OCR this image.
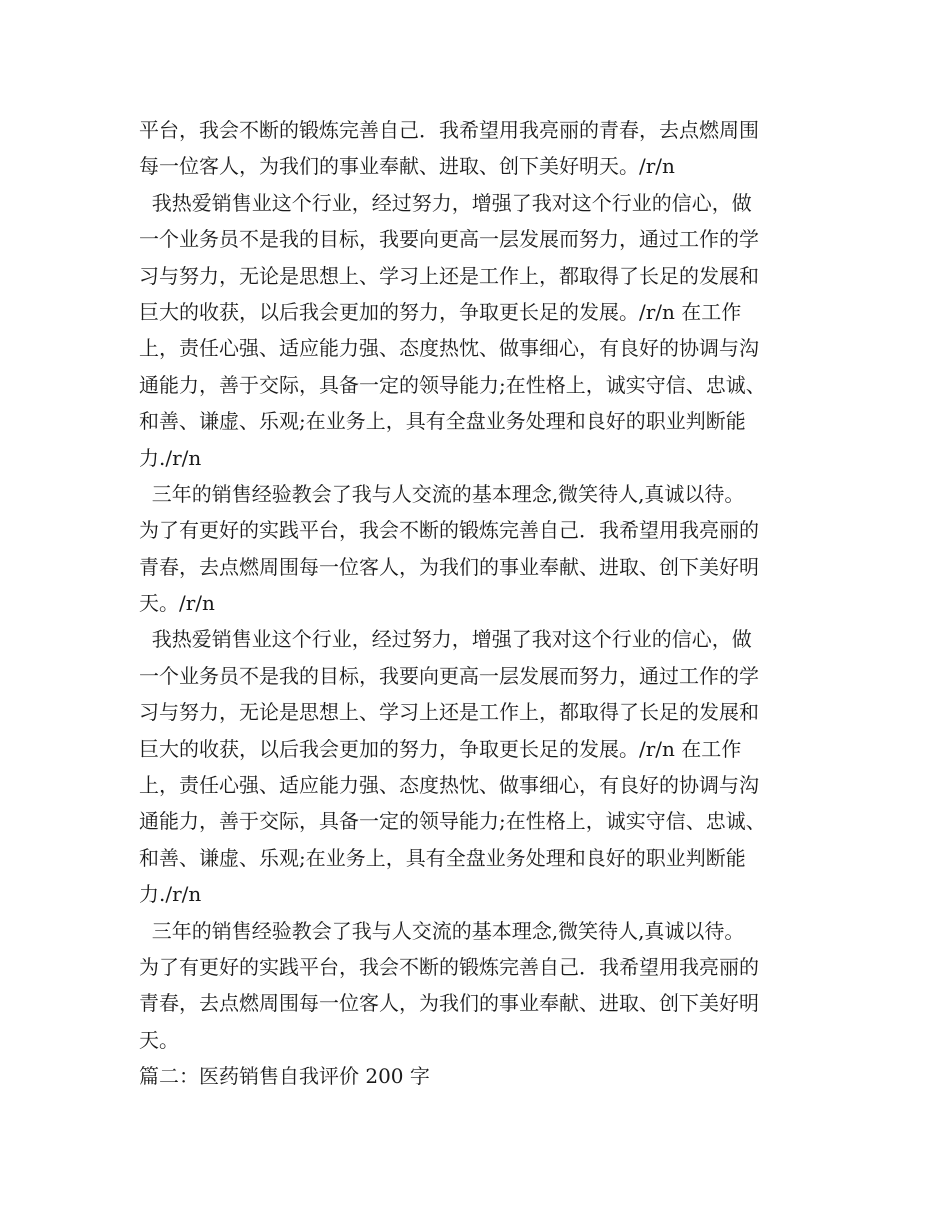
平台，我会不断的锻炼完善自己．我希望用我亮丽的青春，去点燃周围
每一位客人，为我们的事业奉献、进取、创下美好明天。/r/n
我热爱销售业这个行业，经过努力，增强了我对这个行业的信心，做
一个业务员不是我的目标，我要向更高一层发展而努力，通过工作的学
习与努力，无论是思想上、学习上还是工作上，都取得了长足的发展和
巨大的收获，以后我会更加的努力，争取更长足的发展。/r/n 在工作
上，责任心强、适应能力强、态度热忱、做事细心，有良好的协调与沟
通能力，善于交际，具备一定的领导能力;在性格上，诚实守信、忠诚、
和善、谦虚、乐观;在业务上，具有全盘业务处理和良好的职业判断能
力./r/n
三年的销售经验教会了我与人交流的基本理念,微笑待人,真诚以待。
为了有更好的实践平台，我会不断的锻炼完善自己．我希望用我亮丽的
青春，去点燃周围每一位客人，为我们的事业奉献、进取、创下美好明
天。/r/n
我热爱销售业这个行业，经过努力，增强了我对这个行业的信心，做
一个业务员不是我的目标，我要向更高一层发展而努力，通过工作的学
习与努力，无论是思想上、学习上还是工作上，都取得了长足的发展和
巨大的收获，以后我会更加的努力，争取更长足的发展。/r/n 在工作
上，责任心强、适应能力强、态度热忱、做事细心，有良好的协调与沟
通能力，善于交际，具备一定的领导能力;在性格上，诚实守信、忠诚、
和善、谦虚、乐观;在业务上，具有全盘业务处理和良好的职业判断能
力./r/n
三年的销售经验教会了我与人交流的基本理念,微笑待人,真诚以待。
为了有更好的实践平台，我会不断的锻炼完善自己．我希望用我亮丽的
青春，去点燃周围每一位客人，为我们的事业奉献、进取、创下美好明
天。
篇二：医药销售自我评价 200 字
